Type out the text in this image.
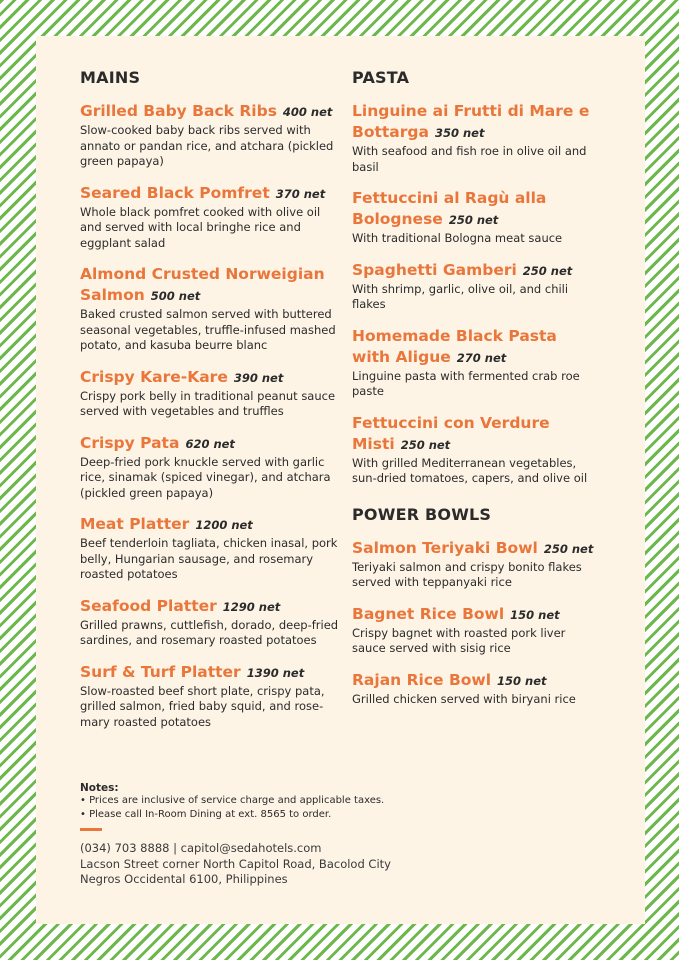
MAINS
Grilled Baby Back Ribs 400 net
Slow-cooked baby back ribs served with annato or pandan rice, and atchara (pickled green papaya)
Seared Black Pomfret 370 net
Whole black pomfret cooked with olive oil and served with local bringhe rice and eggplant salad
Almond Crusted Norweigian Salmon 500 net
Baked crusted salmon served with buttered seasonal vegetables, truffle-infused mashed potato, and kasuba beurre blanc
Crispy Kare-Kare 390 net
Crispy pork belly in traditional peanut sauce served with vegetables and truffles
Crispy Pata 620 net
Deep-fried pork knuckle served with garlic rice, sinamak (spiced vinegar), and atchara (pickled green papaya)
Meat Platter 1200 net
Beef tenderloin tagliata, chicken inasal, pork belly, Hungarian sausage, and rosemary roasted potatoes
Seafood Platter 1290 net
Grilled prawns, cuttlefish, dorado, deep-fried sardines, and rosemary roasted potatoes
Surf & Turf Platter 1390 net
Slow-roasted beef short plate, crispy pata, grilled salmon, fried baby squid, and rose-mary roasted potatoes
PASTA
Linguine ai Frutti di Mare e Bottarga 350 net
With seafood and fish roe in olive oil and basil
Fettuccini al Ragù alla Bolognese 250 net
With traditional Bologna meat sauce
Spaghetti Gamberi 250 net
With shrimp, garlic, olive oil, and chili flakes
Homemade Black Pasta with Aligue 270 net
Linguine pasta with fermented crab roe paste
Fettuccini con Verdure Misti 250 net
With grilled Mediterranean vegetables, sun-dried tomatoes, capers, and olive oil
POWER BOWLS
Salmon Teriyaki Bowl 250 net
Teriyaki salmon and crispy bonito flakes served with teppanyaki rice
Bagnet Rice Bowl 150 net
Crispy bagnet with roasted pork liver sauce served with sisig rice
Rajan Rice Bowl 150 net
Grilled chicken served with biryani rice
Notes:
• Prices are inclusive of service charge and applicable taxes.
• Please call In-Room Dining at ext. 8565 to order.
(034) 703 8888 | capitol@sedahotels.com
Lacson Street corner North Capitol Road, Bacolod City
Negros Occidental 6100, Philippines
